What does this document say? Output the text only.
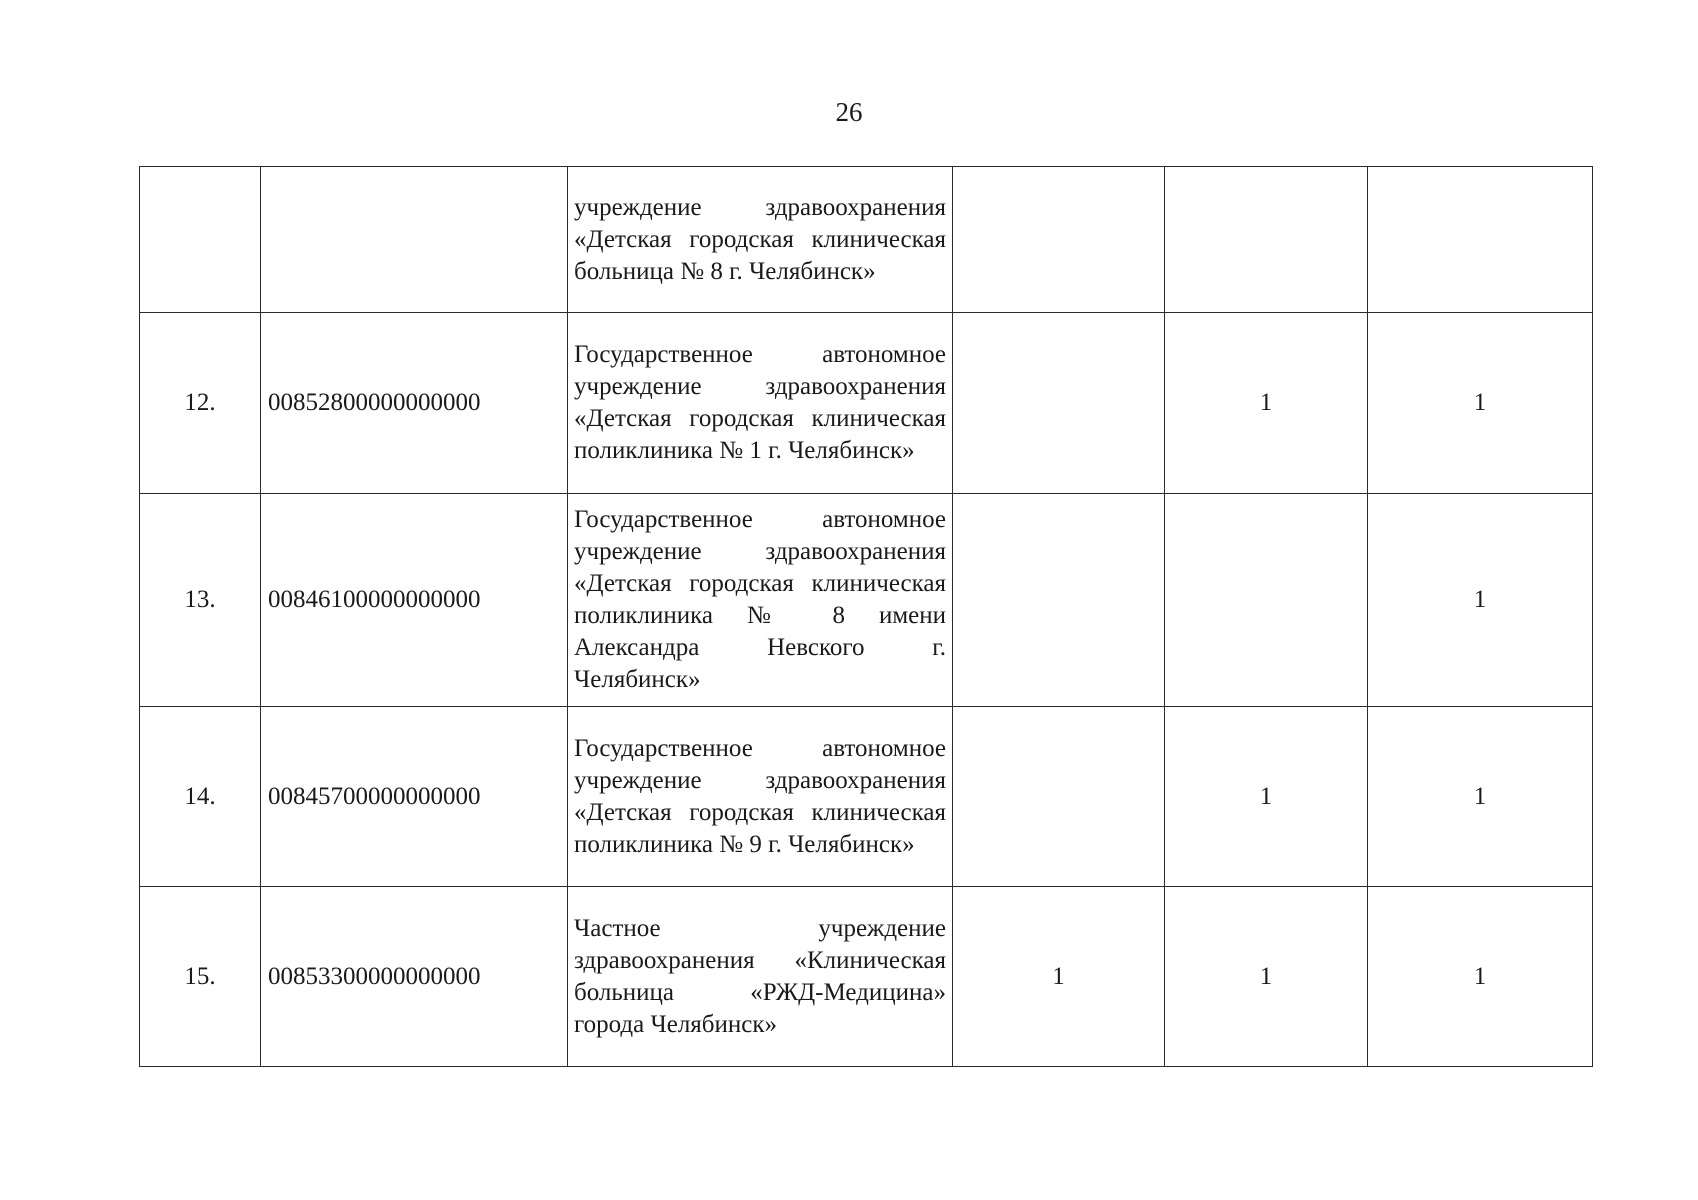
26

		учреждение здравоохранения «Детская городская клиническая больница № 8 г. Челябинск»			

12.	00852800000000000	Государственное автономное учреждение здравоохранения «Детская городская клиническая поликлиника № 1 г. Челябинск»		1	1
13.	00846100000000000	Государственное автономное учреждение здравоохранения «Детская городская клиническая поликлиника № 8 имени Александра Невского г. Челябинск»			1
14.	00845700000000000	Государственное автономное учреждение здравоохранения «Детская городская клиническая поликлиника № 9 г. Челябинск»		1	1
15.	00853300000000000	Частное учреждение здравоохранения «Клиническая больница «РЖД-Медицина» города Челябинск»	1	1	1
